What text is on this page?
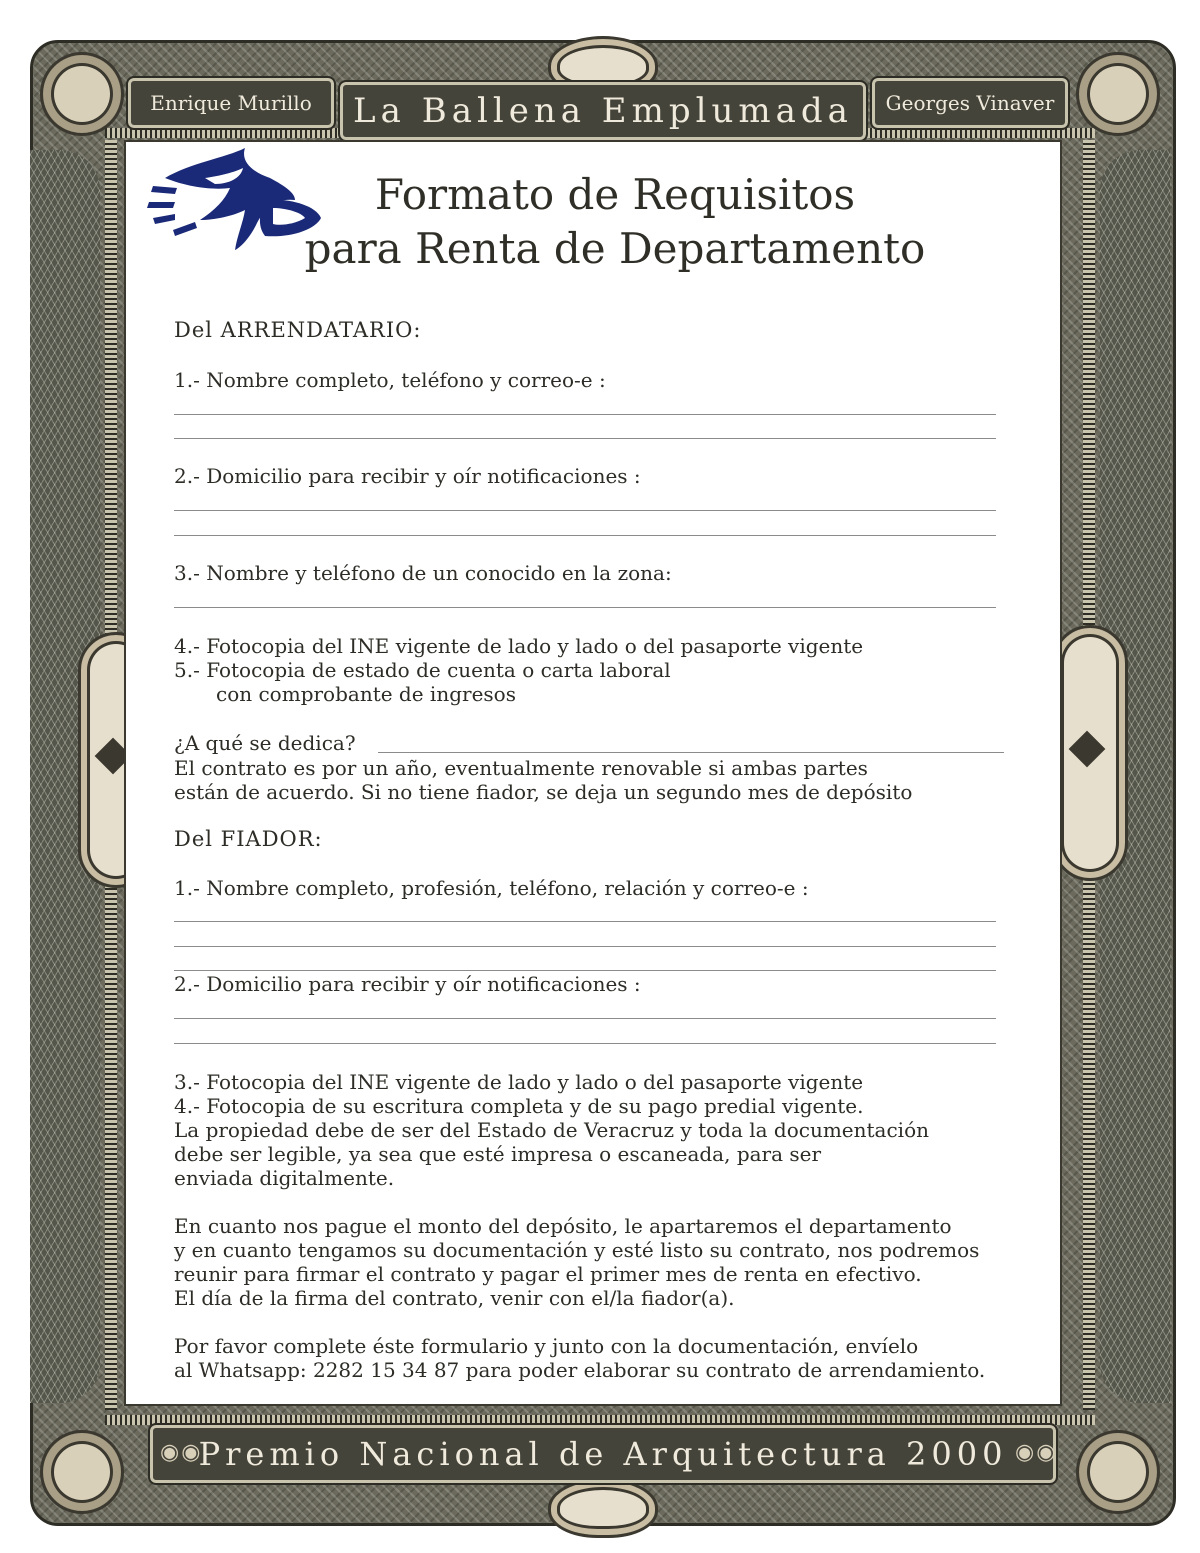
Enrique Murillo	La Ballena Emplumada	Georges Vinaver
Premio Nacional de Arquitectura 2000
◉◉	◉◉
Formato de Requisitos
para Renta de Departamento
Del ARRENDATARIO:
1.- Nombre completo, teléfono y correo-e :
2.- Domicilio para recibir y oír notificaciones :
3.- Nombre y teléfono de un conocido en la zona:
4.- Fotocopia del INE vigente de lado y lado o del pasaporte vigente
5.- Fotocopia de estado de cuenta o carta laboral
con comprobante de ingresos
¿A qué se dedica?
El contrato es por un año, eventualmente renovable si ambas partes
están de acuerdo. Si no tiene fiador, se deja un segundo mes de depósito
Del FIADOR:
1.- Nombre completo, profesión, teléfono, relación y correo-e :
2.- Domicilio para recibir y oír notificaciones :
3.- Fotocopia del INE vigente de lado y lado o del pasaporte vigente
4.- Fotocopia de su escritura completa y de su pago predial vigente.
La propiedad debe de ser del Estado de Veracruz y toda la documentación
debe ser legible, ya sea que esté impresa o escaneada, para ser
enviada digitalmente.
En cuanto nos pague el monto del depósito, le apartaremos el departamento
y en cuanto tengamos su documentación y esté listo su contrato, nos podremos
reunir para firmar el contrato y pagar el primer mes de renta en efectivo.
El día de la firma del contrato, venir con el/la fiador(a).
Por favor complete éste formulario y junto con la documentación, envíelo
al Whatsapp: 2282 15 34 87 para poder elaborar su contrato de arrendamiento.
